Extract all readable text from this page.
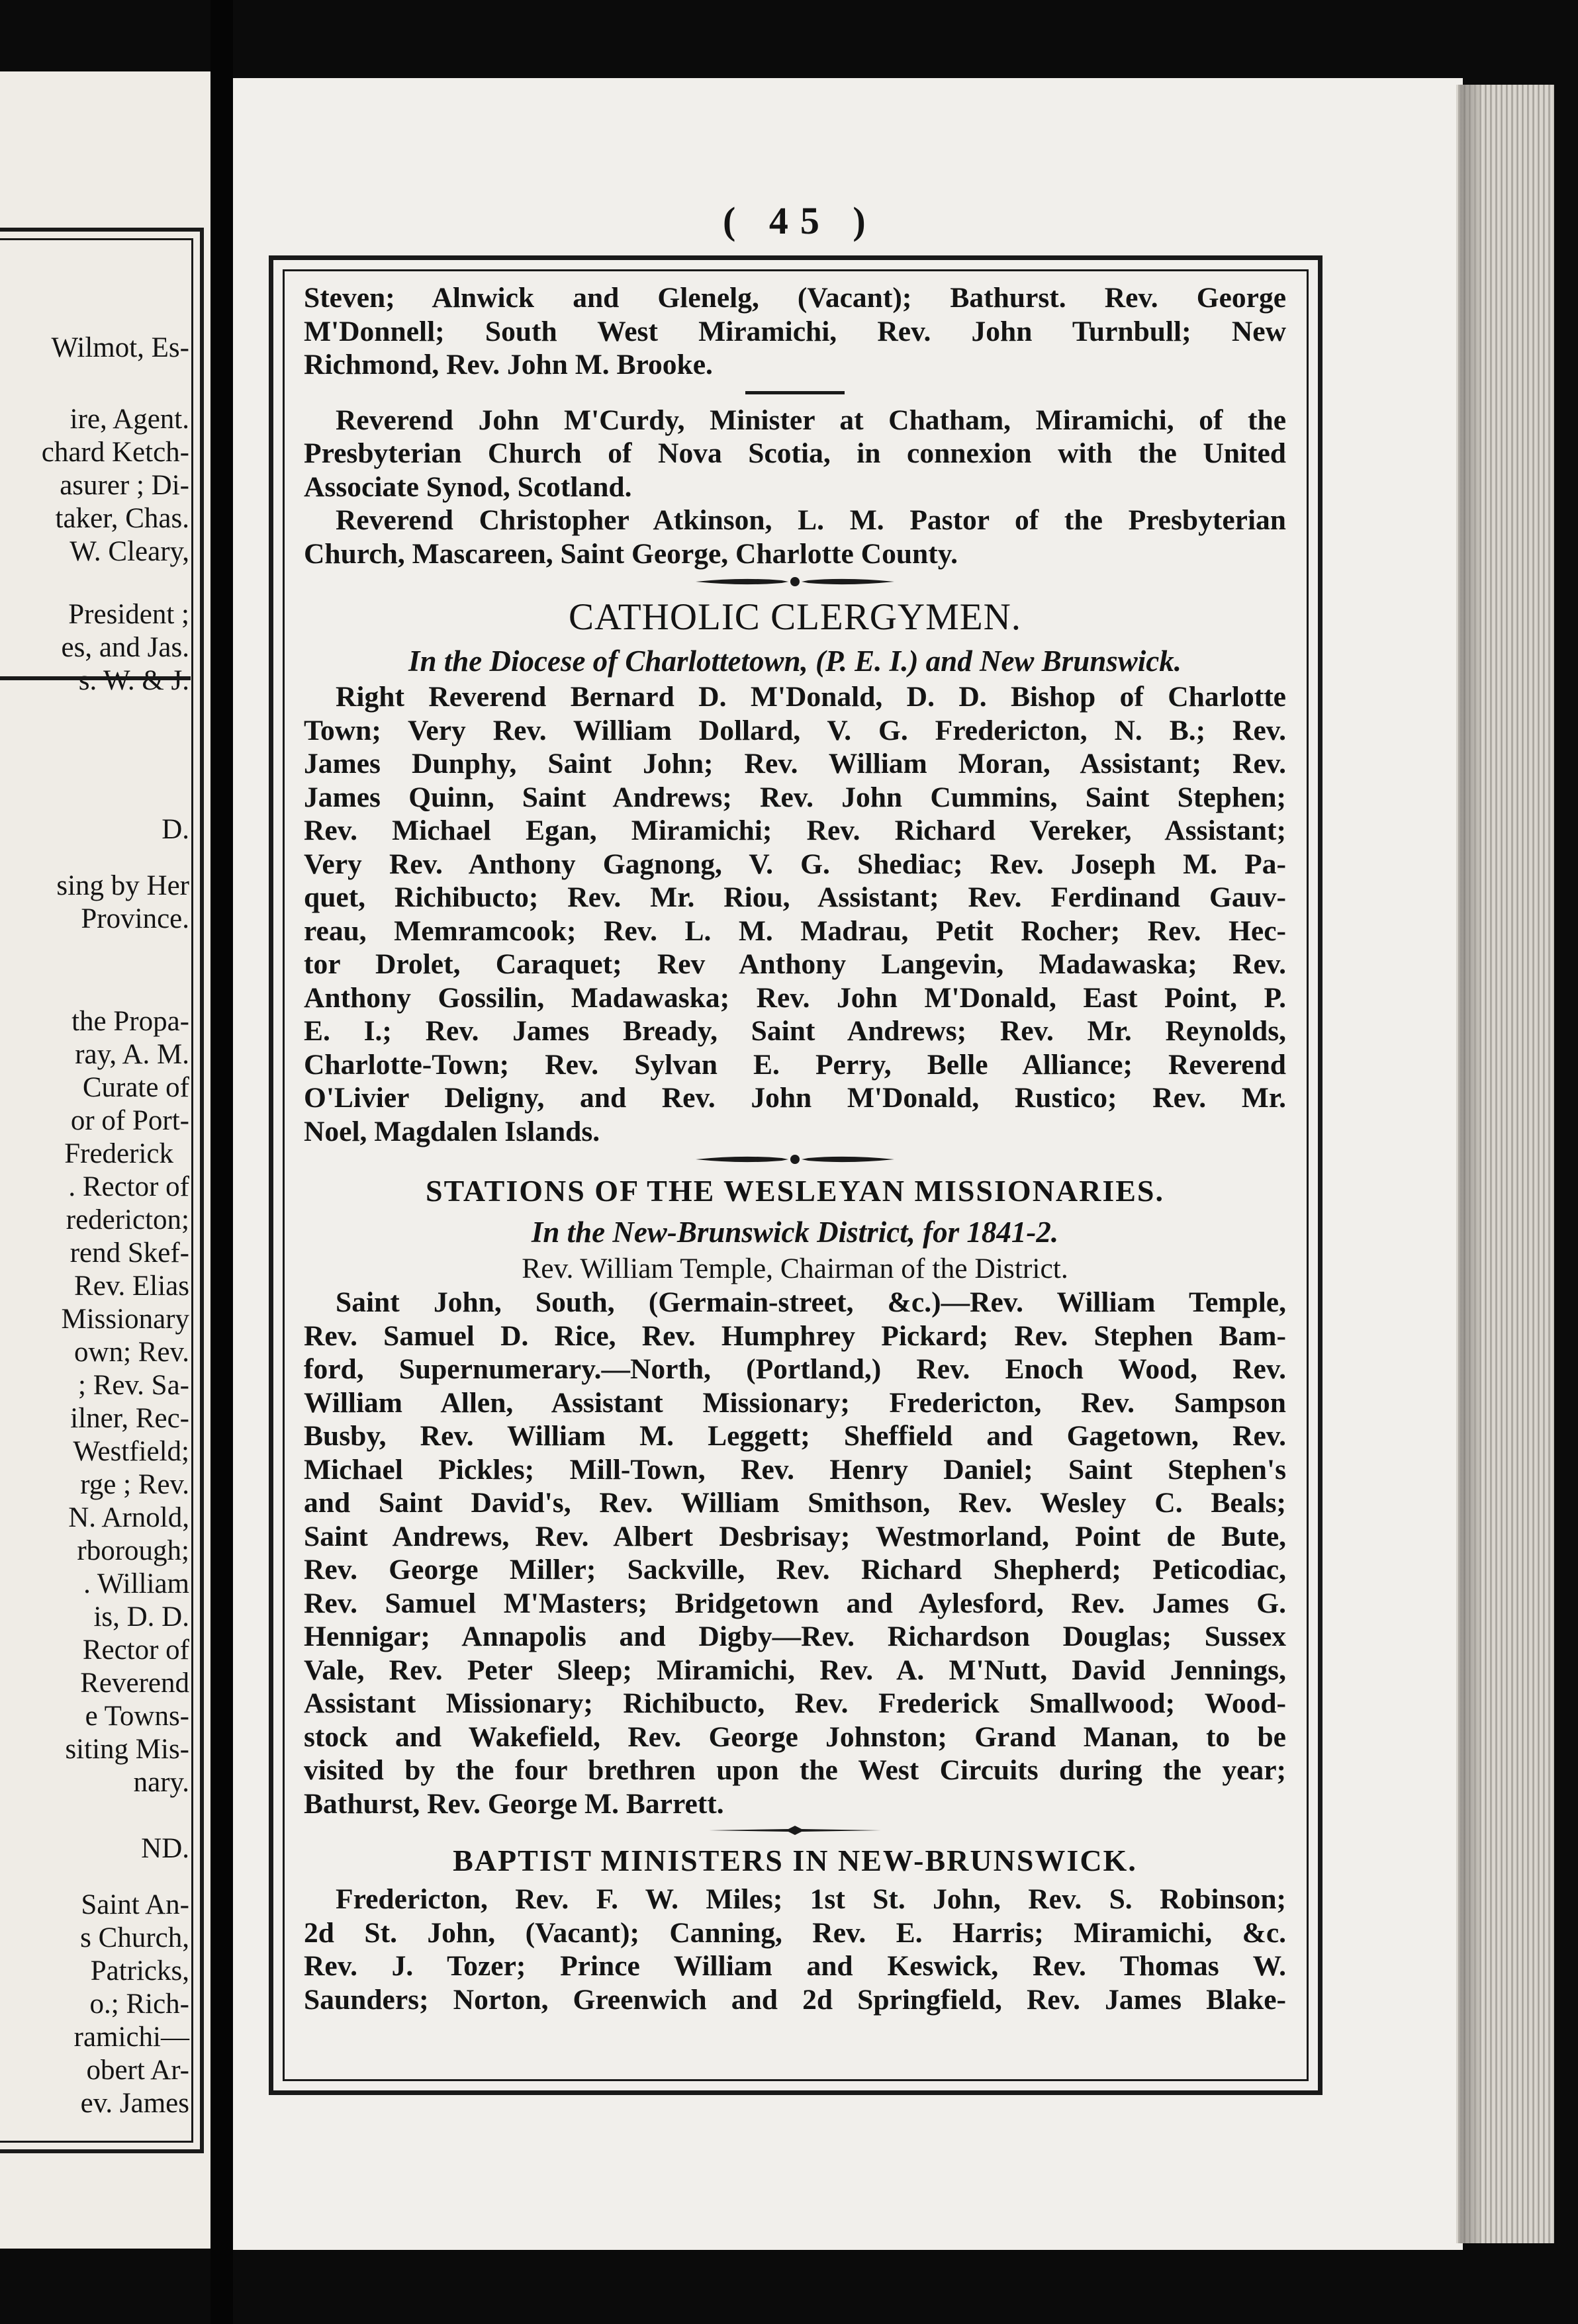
Wilmot, Es-
ire, Agent.
chard Ketch-
asurer ; Di-
taker, Chas.
W. Cleary,
President ;
es, and Jas.
s. W. & J.
D.
sing by Her
Province.
the Propa-
ray, A. M.
Curate of
or of Port-
Frederick
. Rector of
redericton;
rend Skef-
Rev. Elias
Missionary
own; Rev.
; Rev. Sa-
ilner, Rec-
Westfield;
rge ; Rev.
N. Arnold,
rborough;
. William
is, D. D.
Rector of
Reverend
e Towns-
siting Mis-
nary.
ND.
Saint An-
s Church,
Patricks,
o.; Rich-
ramichi—
obert Ar-
ev. James
( 45 )
Steven; Alnwick and Glenelg, (Vacant); Bathurst. Rev. George
M'Donnell; South West Miramichi, Rev. John Turnbull; New
Richmond, Rev. John M. Brooke.
Reverend John M'Curdy, Minister at Chatham, Miramichi, of the
Presbyterian Church of Nova Scotia, in connexion with the United
Associate Synod, Scotland.
Reverend Christopher Atkinson, L. M. Pastor of the Presbyterian
Church, Mascareen, Saint George, Charlotte County.
CATHOLIC CLERGYMEN.
In the Diocese of Charlottetown, (P. E. I.) and New Brunswick.
Right Reverend Bernard D. M'Donald, D. D. Bishop of Charlotte
Town; Very Rev. William Dollard, V. G. Fredericton, N. B.; Rev.
James Dunphy, Saint John; Rev. William Moran, Assistant; Rev.
James Quinn, Saint Andrews; Rev. John Cummins, Saint Stephen;
Rev. Michael Egan, Miramichi; Rev. Richard Vereker, Assistant;
Very Rev. Anthony Gagnong, V. G. Shediac; Rev. Joseph M. Pa-
quet, Richibucto; Rev. Mr. Riou, Assistant; Rev. Ferdinand Gauv-
reau, Memramcook; Rev. L. M. Madrau, Petit Rocher; Rev. Hec-
tor Drolet, Caraquet; Rev Anthony Langevin, Madawaska; Rev.
Anthony Gossilin, Madawaska; Rev. John M'Donald, East Point, P.
E. I.; Rev. James Bready, Saint Andrews; Rev. Mr. Reynolds,
Charlotte-Town; Rev. Sylvan E. Perry, Belle Alliance; Reverend
O'Livier Deligny, and Rev. John M'Donald, Rustico; Rev. Mr.
Noel, Magdalen Islands.
STATIONS OF THE WESLEYAN MISSIONARIES.
In the New-Brunswick District, for 1841-2.
Rev. William Temple, Chairman of the District.
Saint John, South, (Germain-street, &c.)—Rev. William Temple,
Rev. Samuel D. Rice, Rev. Humphrey Pickard; Rev. Stephen Bam-
ford, Supernumerary.—North, (Portland,) Rev. Enoch Wood, Rev.
William Allen, Assistant Missionary; Fredericton, Rev. Sampson
Busby, Rev. William M. Leggett; Sheffield and Gagetown, Rev.
Michael Pickles; Mill-Town, Rev. Henry Daniel; Saint Stephen's
and Saint David's, Rev. William Smithson, Rev. Wesley C. Beals;
Saint Andrews, Rev. Albert Desbrisay; Westmorland, Point de Bute,
Rev. George Miller; Sackville, Rev. Richard Shepherd; Peticodiac,
Rev. Samuel M'Masters; Bridgetown and Aylesford, Rev. James G.
Hennigar; Annapolis and Digby—Rev. Richardson Douglas; Sussex
Vale, Rev. Peter Sleep; Miramichi, Rev. A. M'Nutt, David Jennings,
Assistant Missionary; Richibucto, Rev. Frederick Smallwood; Wood-
stock and Wakefield, Rev. George Johnston; Grand Manan, to be
visited by the four brethren upon the West Circuits during the year;
Bathurst, Rev. George M. Barrett.
BAPTIST MINISTERS IN NEW-BRUNSWICK.
Fredericton, Rev. F. W. Miles; 1st St. John, Rev. S. Robinson;
2d St. John, (Vacant); Canning, Rev. E. Harris; Miramichi, &c.
Rev. J. Tozer; Prince William and Keswick, Rev. Thomas W.
Saunders; Norton, Greenwich and 2d Springfield, Rev. James Blake-
